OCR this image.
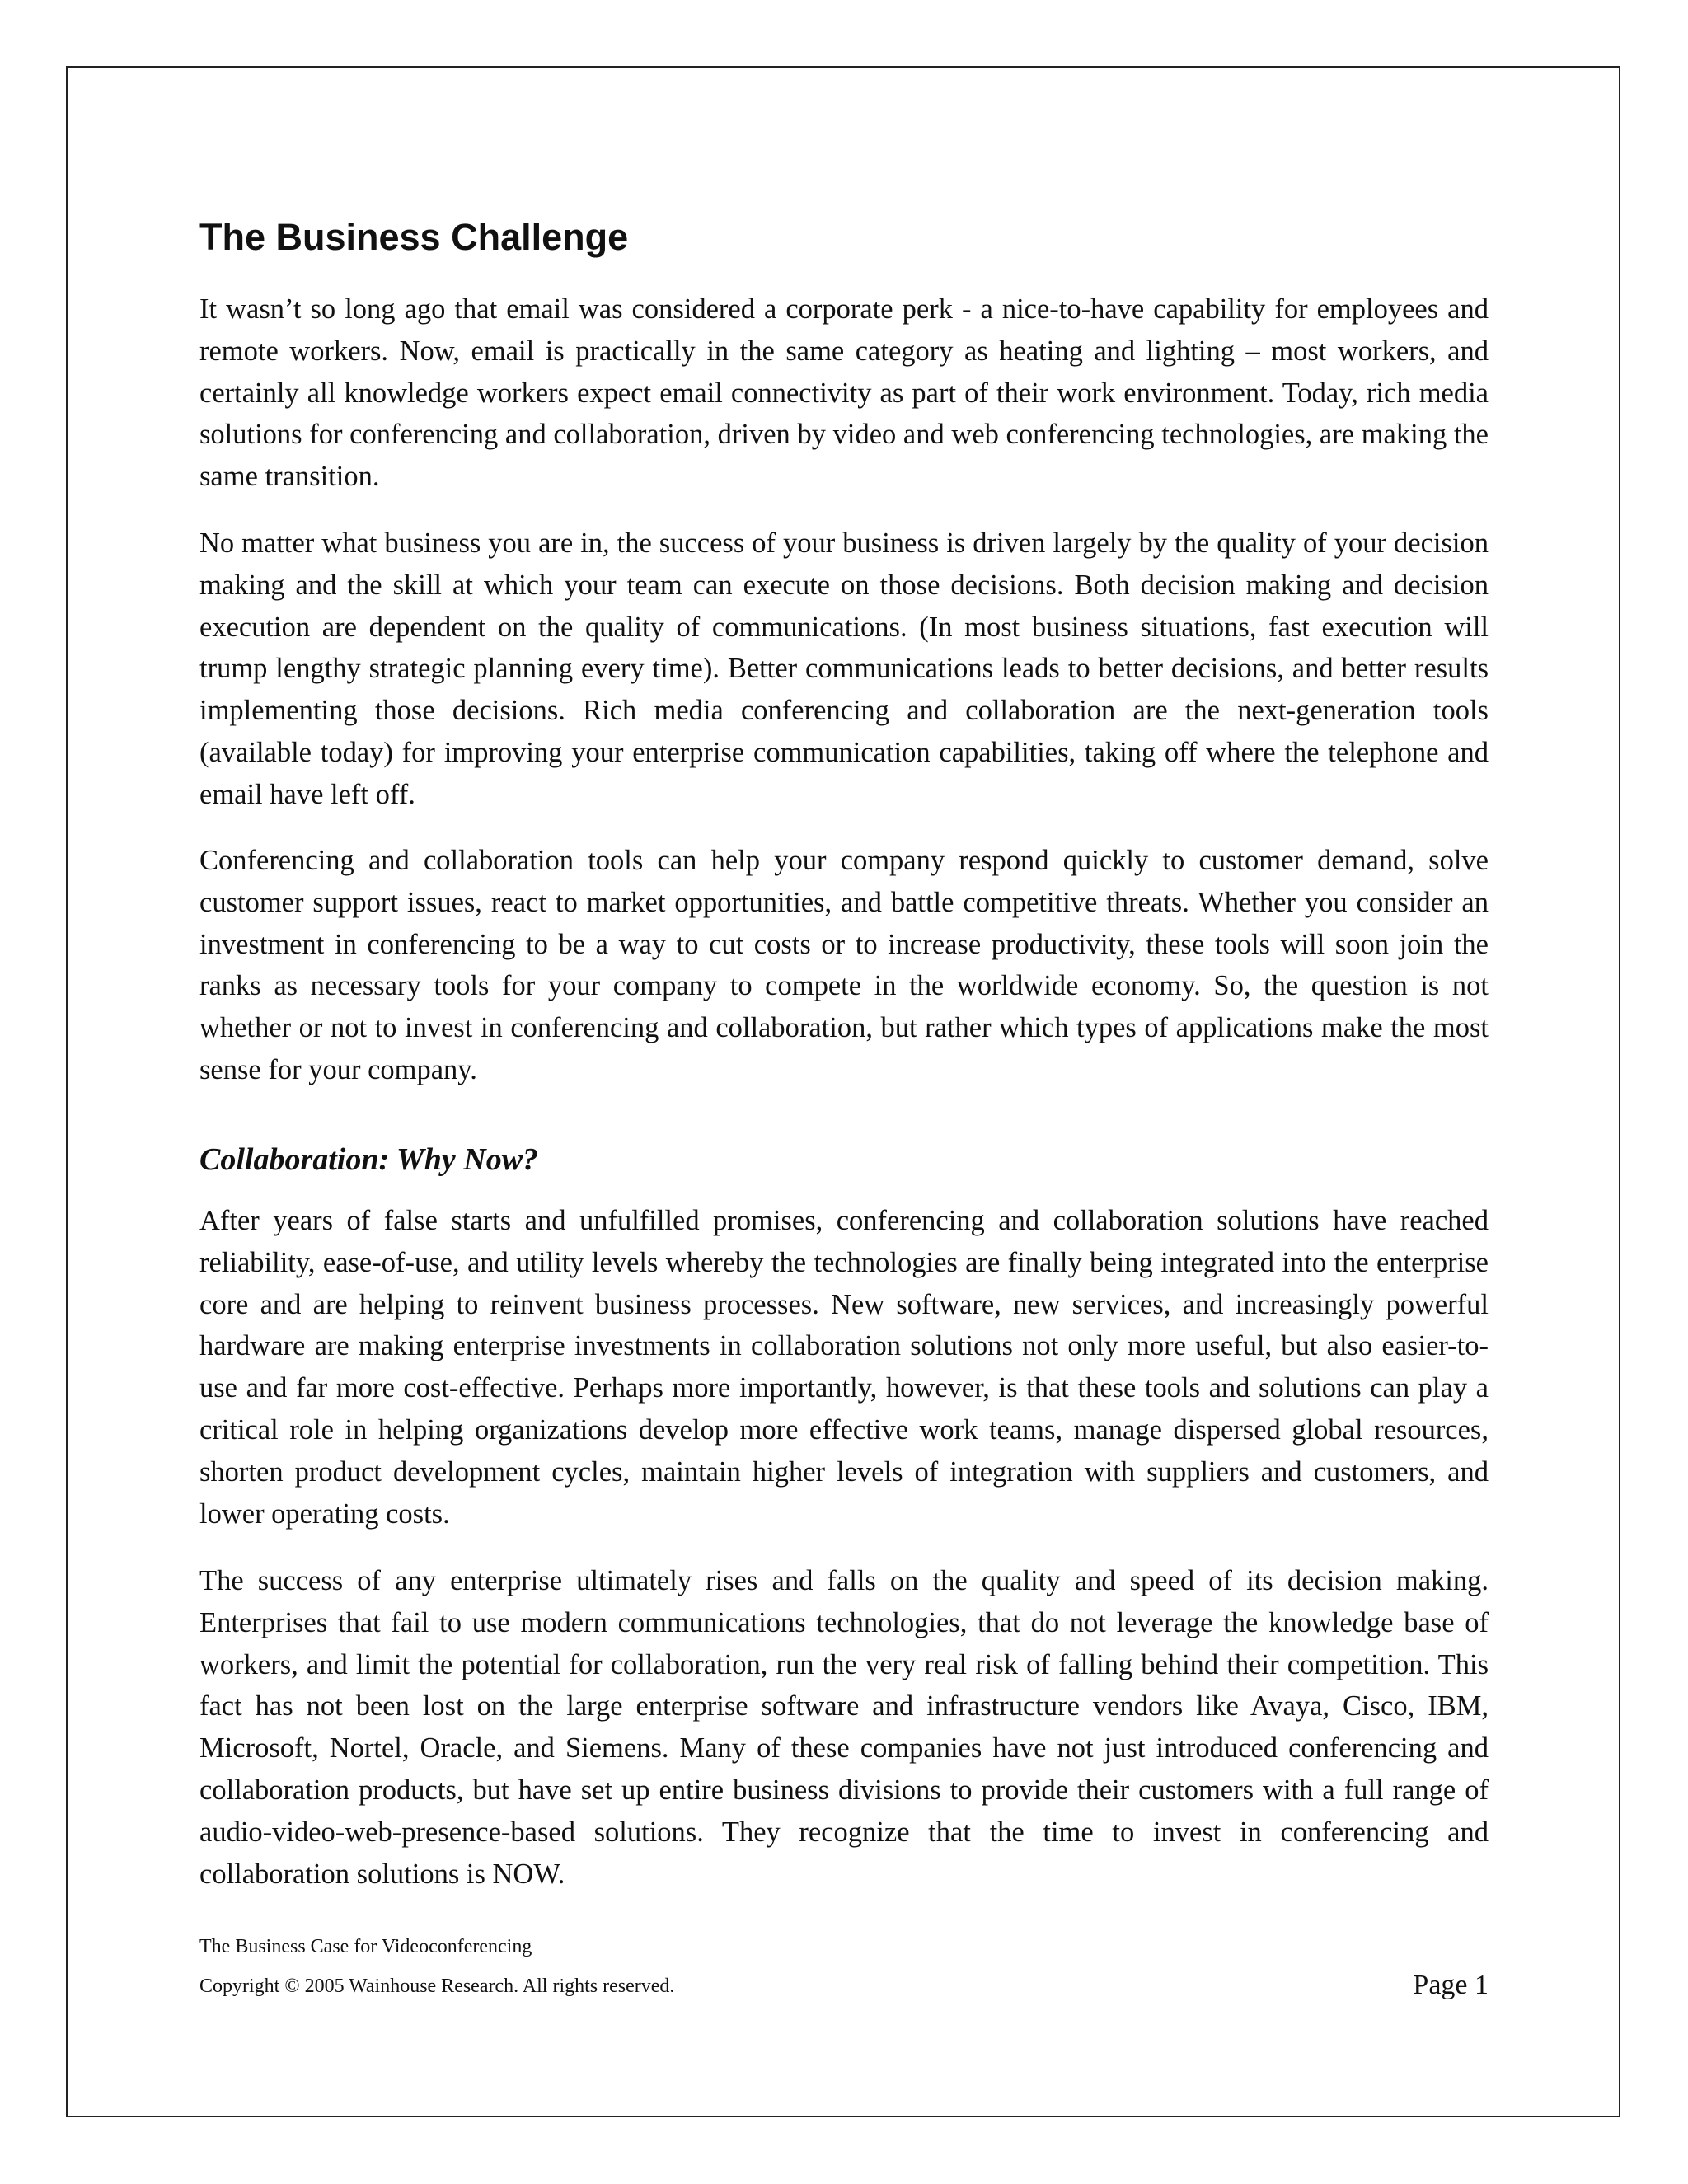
The Business Challenge

It wasn’t so long ago that email was considered a corporate perk - a nice-to-have capability for employees and remote workers. Now, email is practically in the same category as heating and lighting – most workers, and certainly all knowledge workers expect email connectivity as part of their work environment. Today, rich media solutions for conferencing and collaboration, driven by video and web conferencing technologies, are making the same transition.

No matter what business you are in, the success of your business is driven largely by the quality of your decision making and the skill at which your team can execute on those decisions. Both decision making and decision execution are dependent on the quality of communications. (In most business situations, fast execution will trump lengthy strategic planning every time). Better communications leads to better decisions, and better results implementing those decisions. Rich media conferencing and collaboration are the next-generation tools (available today) for improving your enterprise communication capabilities, taking off where the telephone and email have left off.

Conferencing and collaboration tools can help your company respond quickly to customer demand, solve customer support issues, react to market opportunities, and battle competitive threats. Whether you consider an investment in conferencing to be a way to cut costs or to increase productivity, these tools will soon join the ranks as necessary tools for your company to compete in the worldwide economy. So, the question is not whether or not to invest in conferencing and collaboration, but rather which types of applications make the most sense for your company.

Collaboration: Why Now?

After years of false starts and unfulfilled promises, conferencing and collaboration solutions have reached reliability, ease-of-use, and utility levels whereby the technologies are finally being integrated into the enterprise core and are helping to reinvent business processes. New software, new services, and increasingly powerful hardware are making enterprise investments in collaboration solutions not only more useful, but also easier-to-use and far more cost-effective. Perhaps more importantly, however, is that these tools and solutions can play a critical role in helping organizations develop more effective work teams, manage dispersed global resources, shorten product development cycles, maintain higher levels of integration with suppliers and customers, and lower operating costs.

The success of any enterprise ultimately rises and falls on the quality and speed of its decision making. Enterprises that fail to use modern communications technologies, that do not leverage the knowledge base of workers, and limit the potential for collaboration, run the very real risk of falling behind their competition. This fact has not been lost on the large enterprise software and infrastructure vendors like Avaya, Cisco, IBM, Microsoft, Nortel, Oracle, and Siemens. Many of these companies have not just introduced conferencing and collaboration products, but have set up entire business divisions to provide their customers with a full range of audio-video-web-presence-based solutions. They recognize that the time to invest in conferencing and collaboration solutions is NOW.

The Business Case for Videoconferencing

Copyright © 2005 Wainhouse Research. All rights reserved.	Page 1
